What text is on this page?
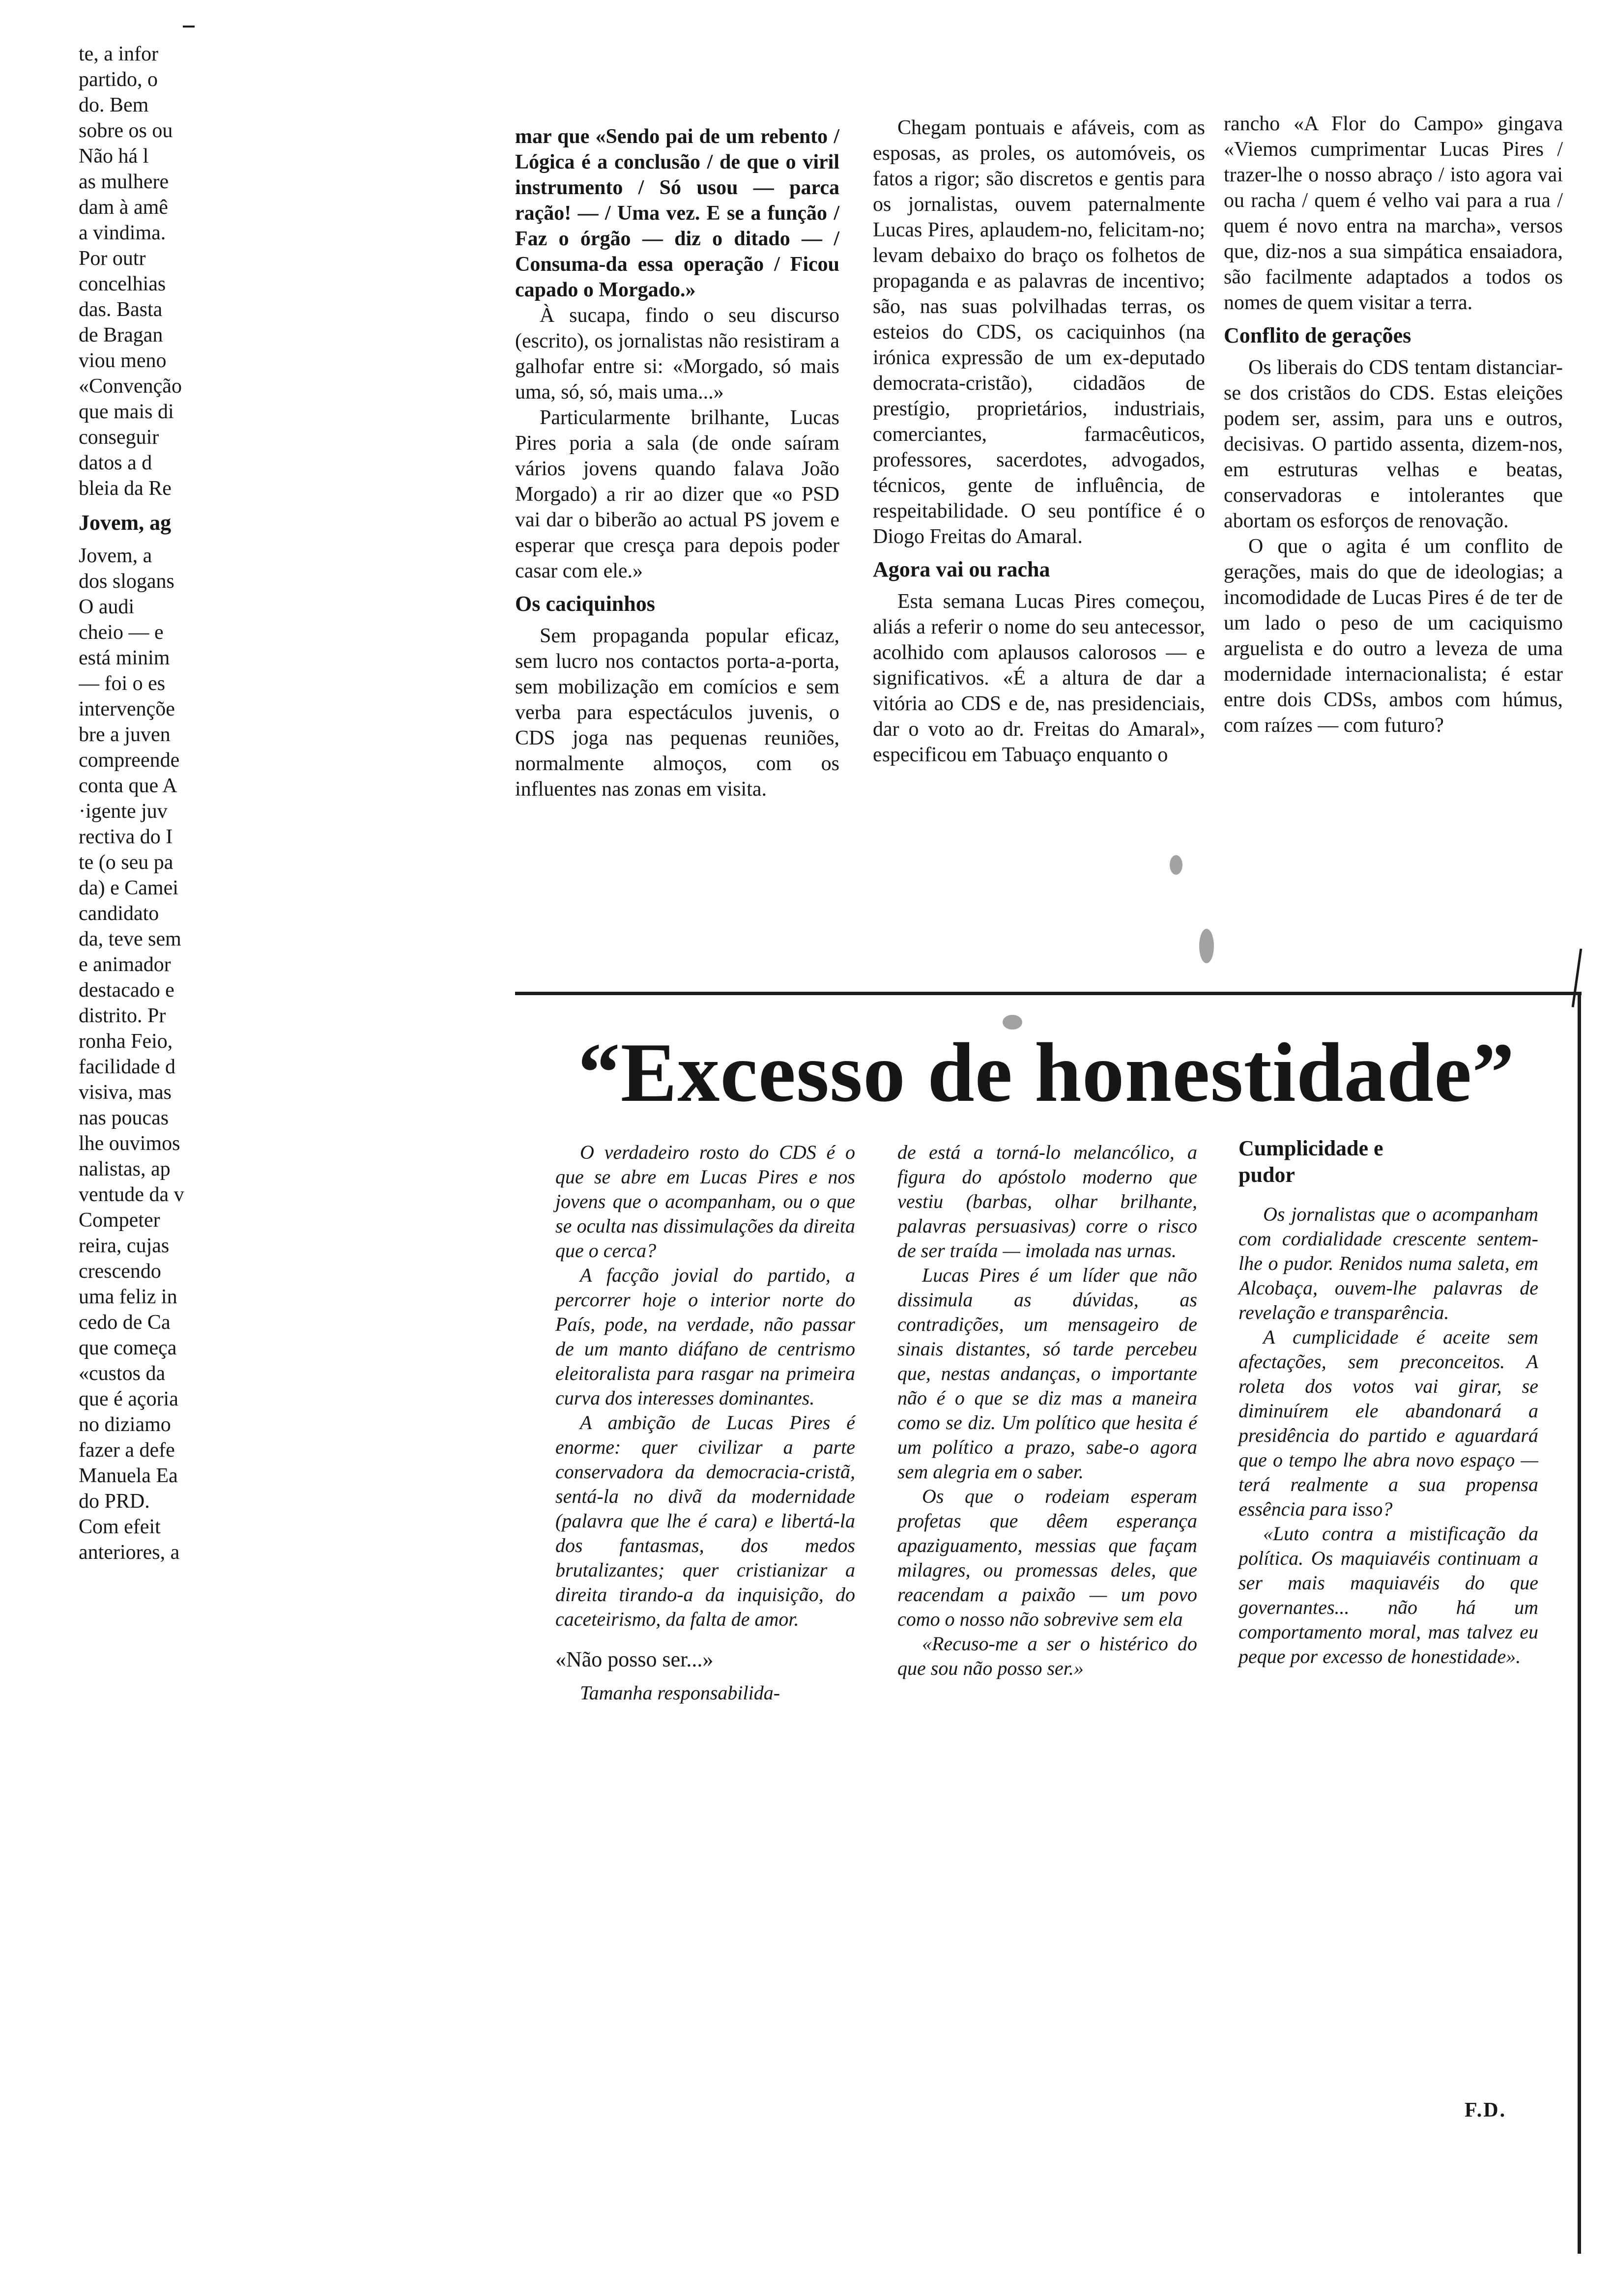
te, a infor

partido, o

do. Bem

sobre os ou

Não há l

as mulhere

dam à amê

a vindima.

Por outr

concelhias

das. Basta

de Bragan

viou meno

«Convenção

que mais di

conseguir

datos a d

bleia da Re

Jovem, ag

Jovem, a

dos slogans

O audi

cheio — e

está minim

— foi o es

intervençõe

bre a juven

compreende

conta que A

·igente juv

rectiva do I

te (o seu pa

da) e Camei

candidato

da, teve sem

e animador

destacado e

distrito. Pr

ronha Feio,

facilidade d

visiva, mas

nas poucas

lhe ouvimos

nalistas, ap

ventude da v

Competer

reira, cujas

crescendo

uma feliz in

cedo de Ca

que começa

«custos da

que é açoria

no diziamo

fazer a defe

Manuela Ea

do PRD.

Com efeit

anteriores, a

mar que «Sendo pai de um rebento / Lógica é a conclusão / de que o viril instrumento / Só usou — parca ração! — / Uma vez. E se a função / Faz o órgão — diz o ditado — / Consuma-da essa operação / Ficou capado o Morgado.»

À sucapa, findo o seu discurso (escrito), os jornalistas não resistiram a galhofar entre si: «Morgado, só mais uma, só, só, mais uma...»

Particularmente brilhante, Lucas Pires poria a sala (de onde saíram vários jovens quando falava João Morgado) a rir ao dizer que «o PSD vai dar o biberão ao actual PS jovem e esperar que cresça para depois poder casar com ele.»

Os caciquinhos

Sem propaganda popular eficaz, sem lucro nos contactos porta-a-porta, sem mobilização em comícios e sem verba para espectáculos juvenis, o CDS joga nas pequenas reuniões, normalmente almoços, com os influentes nas zonas em visita.

Chegam pontuais e afáveis, com as esposas, as proles, os automóveis, os fatos a rigor; são discretos e gentis para os jornalistas, ouvem paternalmente Lucas Pires, aplaudem-no, felicitam-no; levam debaixo do braço os folhetos de propaganda e as palavras de incentivo; são, nas suas polvilhadas terras, os esteios do CDS, os caciquinhos (na irónica expressão de um ex-deputado democrata-cristão), cidadãos de prestígio, proprietários, industriais, comerciantes, farmacêuticos, professores, sacerdotes, advogados, técnicos, gente de influência, de respeitabilidade. O seu pontífice é o Diogo Freitas do Amaral.

Agora vai ou racha

Esta semana Lucas Pires começou, aliás a referir o nome do seu antecessor, acolhido com aplausos calorosos — e significativos. «É a altura de dar a vitória ao CDS e de, nas presidenciais, dar o voto ao dr. Freitas do Amaral», especificou em Tabuaço enquanto o

rancho «A Flor do Campo» gingava «Viemos cumprimentar Lucas Pires / trazer-lhe o nosso abraço / isto agora vai ou racha / quem é velho vai para a rua / quem é novo entra na marcha», versos que, diz-nos a sua simpática ensaiadora, são facilmente adaptados a todos os nomes de quem visitar a terra.

Conflito de gerações

Os liberais do CDS tentam distanciar-se dos cristãos do CDS. Estas eleições podem ser, assim, para uns e outros, decisivas. O partido assenta, dizem-nos, em estruturas velhas e beatas, conservadoras e intolerantes que abortam os esforços de renovação.

O que o agita é um conflito de gerações, mais do que de ideologias; a incomodidade de Lucas Pires é de ter de um lado o peso de um caciquismo arguelista e do outro a leveza de uma modernidade internacionalista; é estar entre dois CDSs, ambos com húmus, com raízes — com futuro?

“Excesso de honestidade”

O verdadeiro rosto do CDS é o que se abre em Lucas Pires e nos jovens que o acompanham, ou o que se oculta nas dissimulações da direita que o cerca?

A facção jovial do partido, a percorrer hoje o interior norte do País, pode, na verdade, não passar de um manto diáfano de centrismo eleitoralista para rasgar na primeira curva dos interesses dominantes.

A ambição de Lucas Pires é enorme: quer civilizar a parte conservadora da democracia-cristã, sentá-la no divã da modernidade (palavra que lhe é cara) e libertá-la dos fantasmas, dos medos brutalizantes; quer cristianizar a direita tirando-a da inquisição, do caceteirismo, da falta de amor.

«Não posso ser...»

Tamanha responsabilida-

de está a torná-lo melancólico, a figura do apóstolo moderno que vestiu (barbas, olhar brilhante, palavras persuasivas) corre o risco de ser traída — imolada nas urnas.

Lucas Pires é um líder que não dissimula as dúvidas, as contradições, um mensageiro de sinais distantes, só tarde percebeu que, nestas andanças, o importante não é o que se diz mas a maneira como se diz. Um político que hesita é um político a prazo, sabe-o agora sem alegria em o saber.

Os que o rodeiam esperam profetas que dêem esperança apaziguamento, messias que façam milagres, ou promessas deles, que reacendam a paixão — um povo como o nosso não sobrevive sem ela

«Recuso-me a ser o histérico do que sou não posso ser.»

Cumplicidade e pudor

Os jornalistas que o acompanham com cordialidade crescente sentem-lhe o pudor. Renidos numa saleta, em Alcobaça, ouvem-lhe palavras de revelação e transparência.

A cumplicidade é aceite sem afectações, sem preconceitos. A roleta dos votos vai girar, se diminuírem ele abandonará a presidência do partido e aguardará que o tempo lhe abra novo espaço — terá realmente a sua propensa essência para isso?

«Luto contra a mistificação da política. Os maquiavéis continuam a ser mais maquiavéis do que governantes... não há um comportamento moral, mas talvez eu peque por excesso de honestidade».

F.D.
